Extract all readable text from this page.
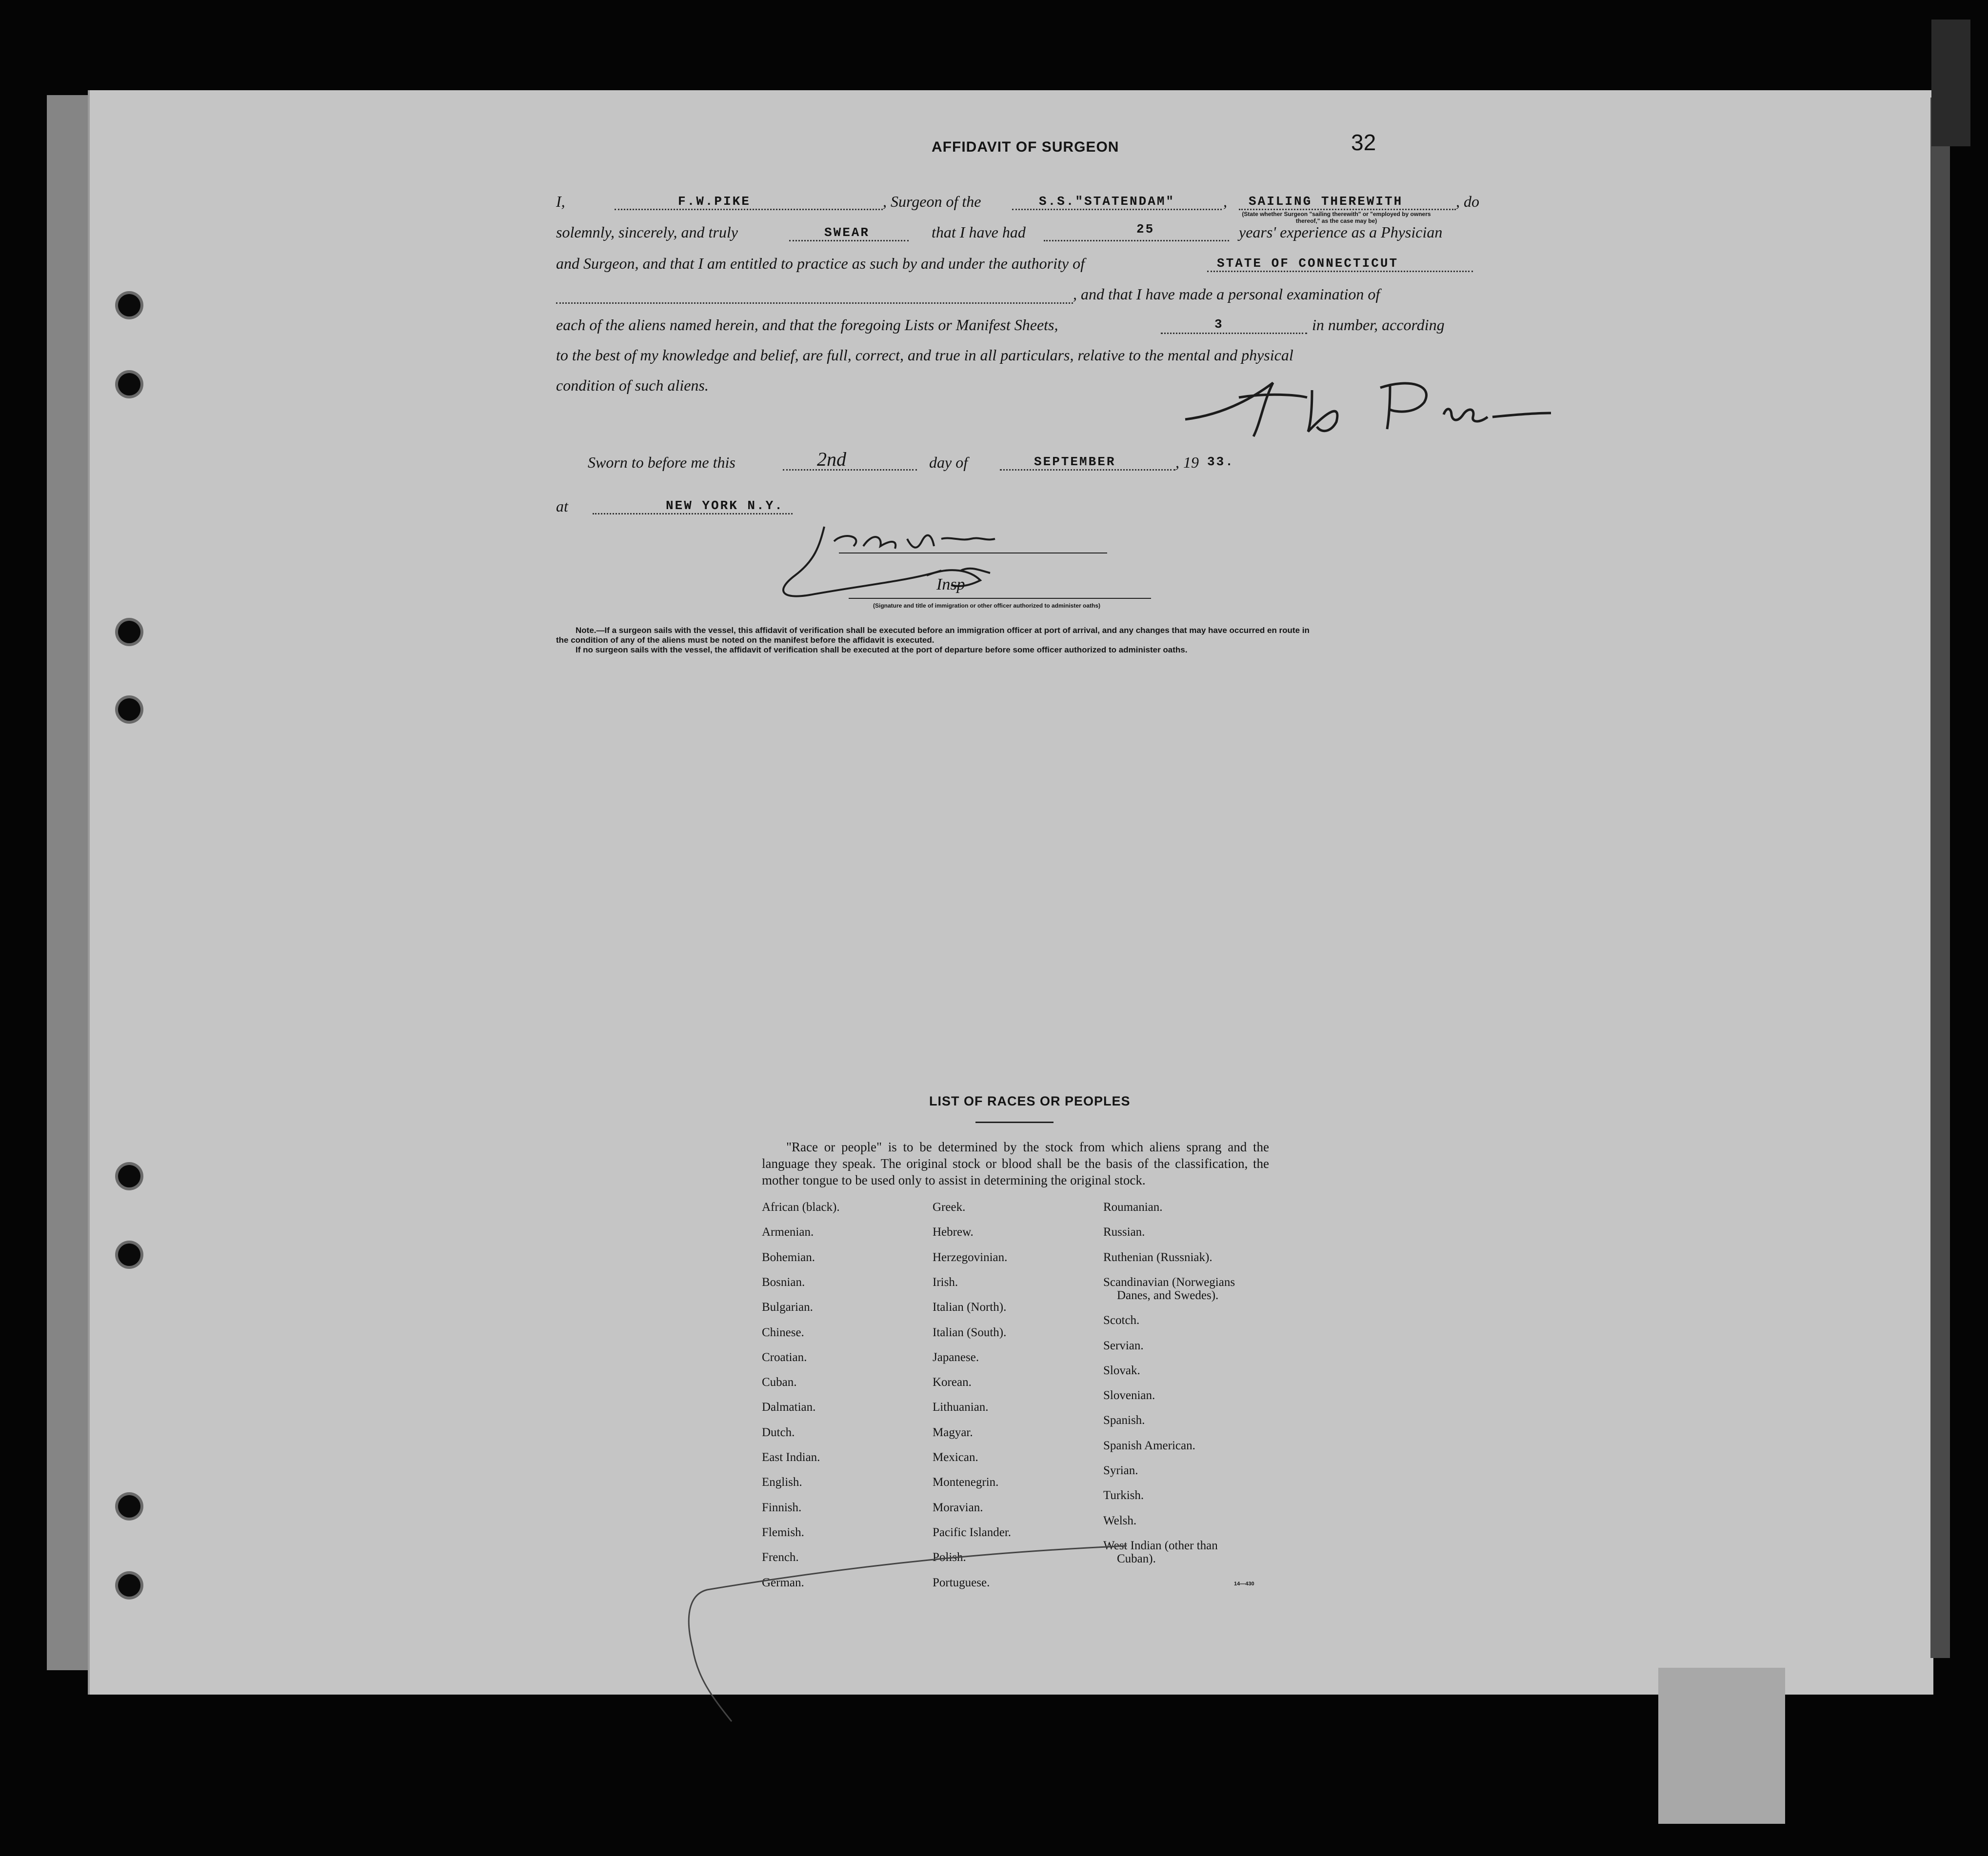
AFFIDAVIT OF SURGEON	32
I,	F.W.PIKE	, Surgeon of the	S.S."STATENDAM"	, SAILING THEREWITH	, do
(State whether Surgeon "sailing therewith" or "employed by owners thereof," as the case may be)
solemnly, sincerely, and truly	SWEAR	that I have had	25	years' experience as a Physician
and Surgeon, and that I am entitled to practice as such by and under the authority of	STATE OF CONNECTICUT
, and that I have made a personal examination of
each of the aliens named herein, and that the foregoing Lists or Manifest Sheets,	3	in number, according
to the best of my knowledge and belief, are full, correct, and true in all particulars, relative to the mental and physical
condition of such aliens.
Sworn to before me this	2nd	day of	SEPTEMBER	, 19 33.
at	NEW YORK N.Y.
Insp
(Signature and title of immigration or other officer authorized to administer oaths)
Note.—If a surgeon sails with the vessel, this affidavit of verification shall be executed before an immigration officer at port of arrival, and any changes that may have occurred en route in
the condition of any of the aliens must be noted on the manifest before the affidavit is executed.
If no surgeon sails with the vessel, the affidavit of verification shall be executed at the port of departure before some officer authorized to administer oaths.
LIST OF RACES OR PEOPLES
"Race or people" is to be determined by the stock from which aliens sprang and the language they speak. The original stock or blood shall be the basis of the classification, the mother tongue to be used only to assist in determining the original stock.
African (black).
Armenian.
Bohemian.
Bosnian.
Bulgarian.
Chinese.
Croatian.
Cuban.
Dalmatian.
Dutch.
East Indian.
English.
Finnish.
Flemish.
French.
German.
Greek.
Hebrew.
Herzegovinian.
Irish.
Italian (North).
Italian (South).
Japanese.
Korean.
Lithuanian.
Magyar.
Mexican.
Montenegrin.
Moravian.
Pacific Islander.
Polish.
Portuguese.
Roumanian.
Russian.
Ruthenian (Russniak).
Scandinavian (Norwegians
Danes, and Swedes).
Scotch.
Servian.
Slovak.
Slovenian.
Spanish.
Spanish American.
Syrian.
Turkish.
Welsh.
West Indian (other than
Cuban).
14—430
